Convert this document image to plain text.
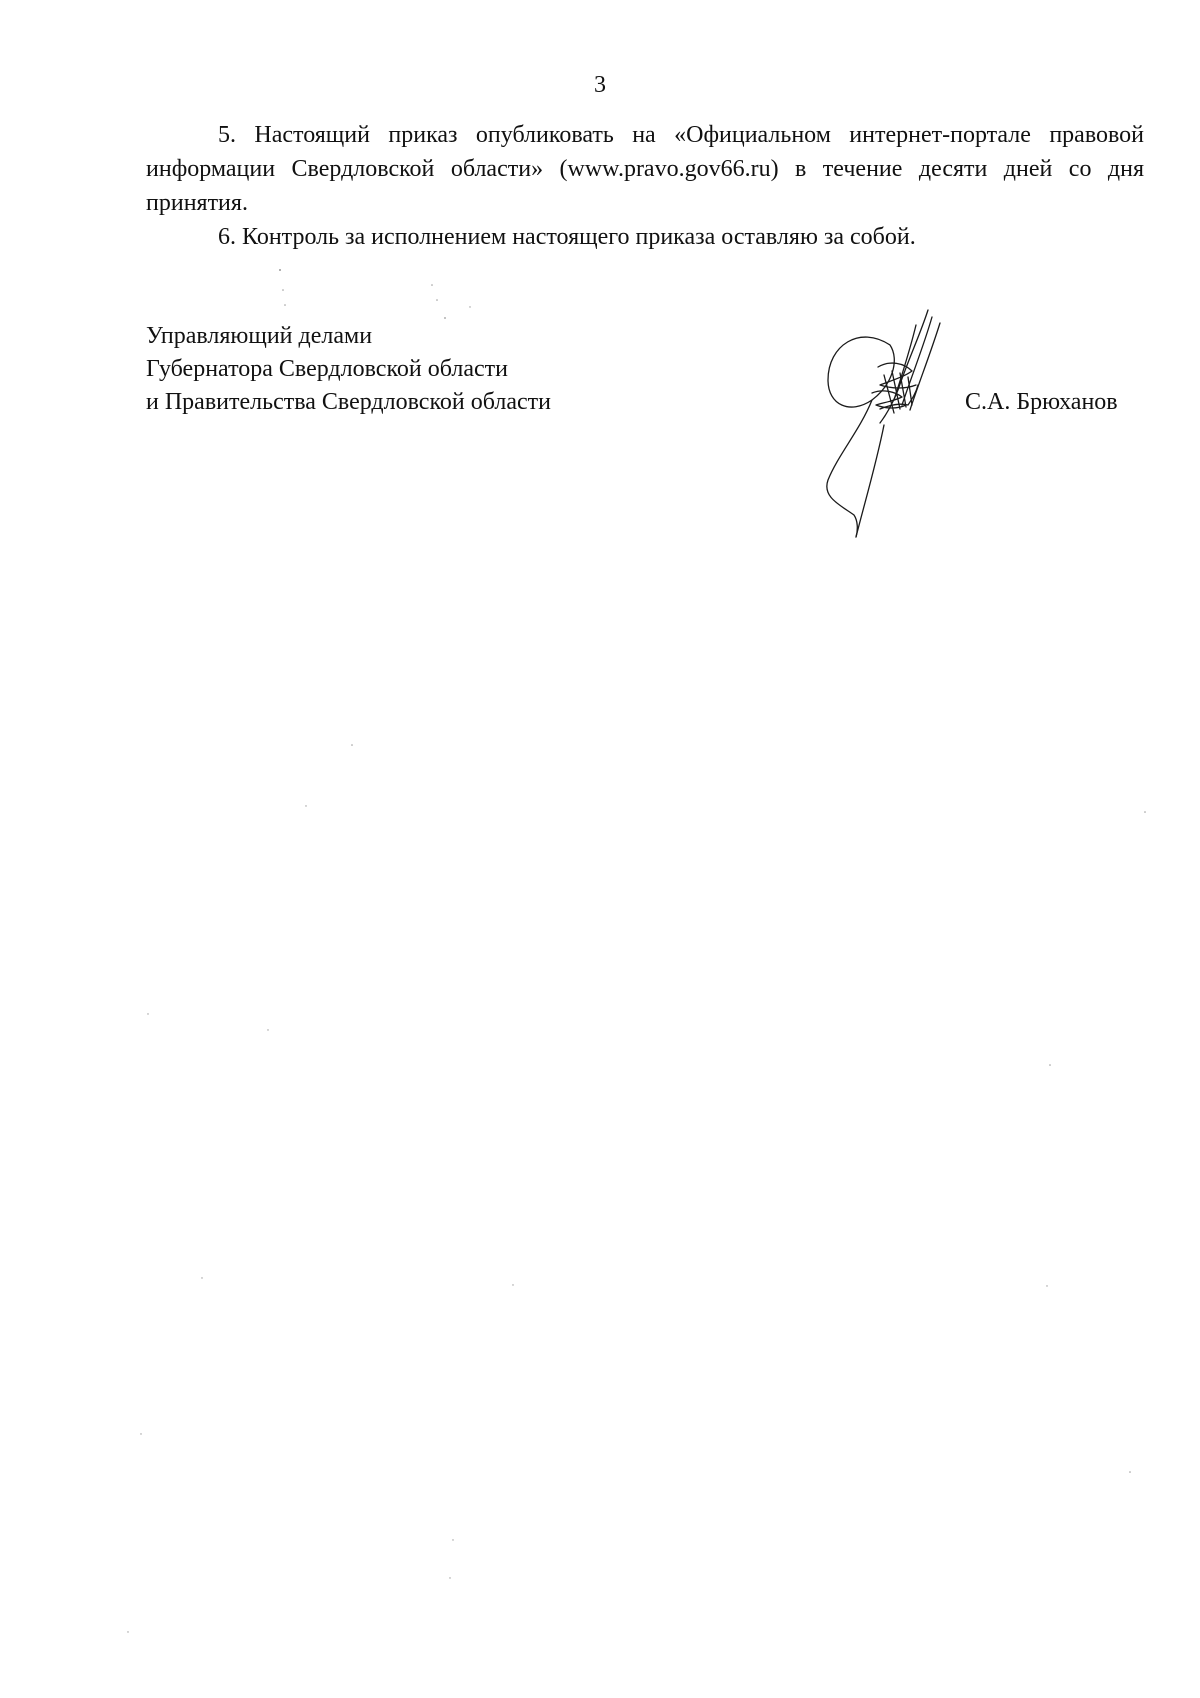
3

5. Настоящий приказ опубликовать на «Официальном интернет-портале правовой информации Свердловской области» (www.pravo.gov66.ru) в течение десяти дней со дня принятия.

6. Контроль за исполнением настоящего приказа оставляю за собой.

Управляющий делами
Губернатора Свердловской области
и Правительства Свердловской области	С.А. Брюханов
